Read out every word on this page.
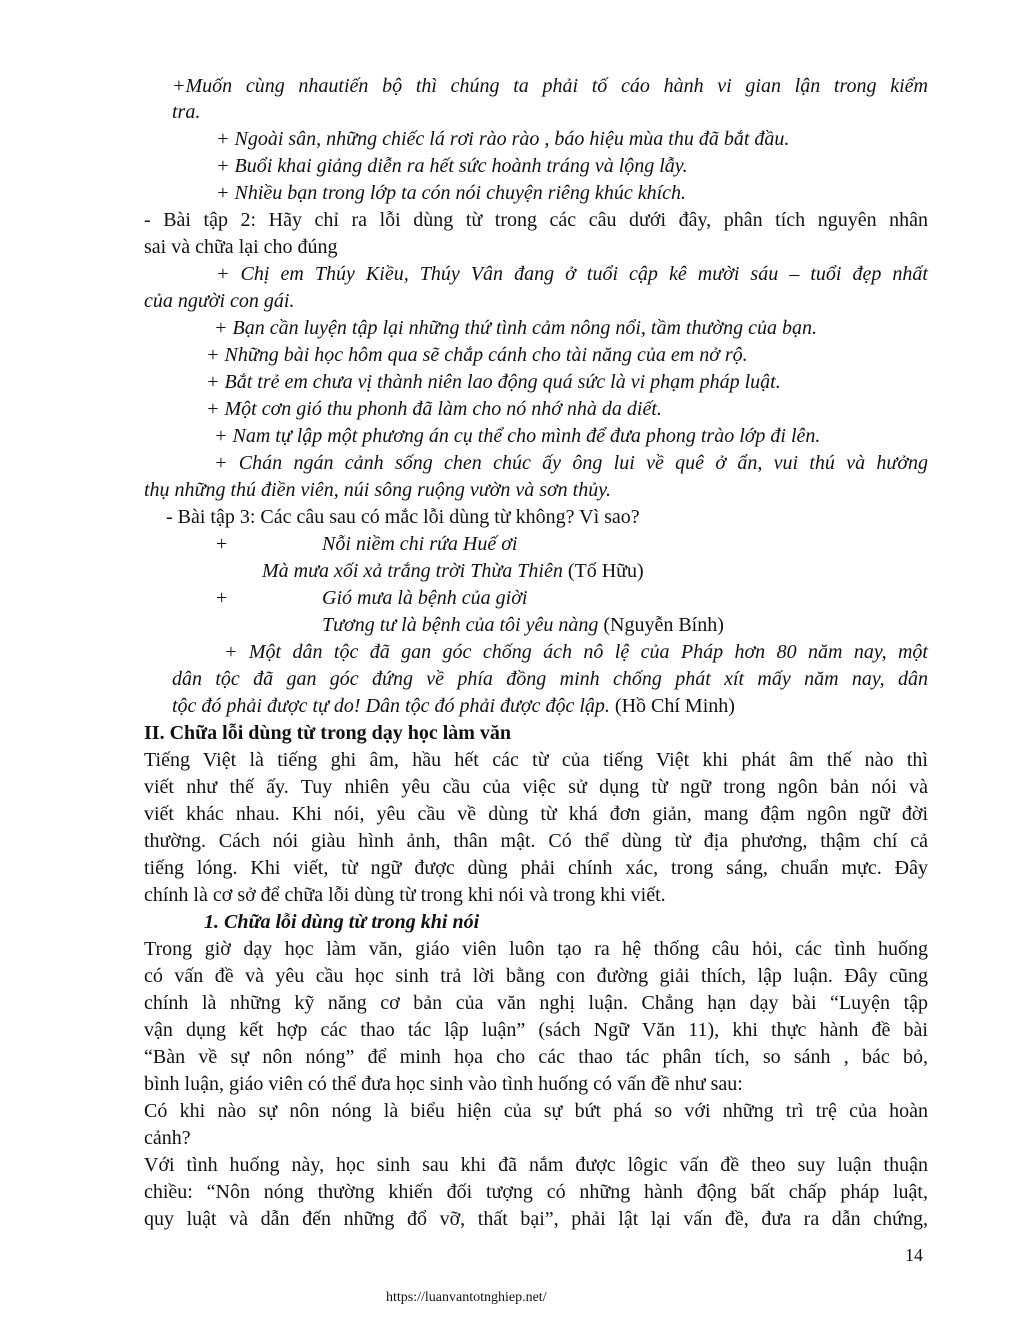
+Muốn cùng nhautiến bộ thì chúng ta phải tố cáo hành vi gian lận trong kiểm
tra.
+ Ngoài sân, những chiếc lá rơi rào rào , báo hiệu mùa thu đã bắt đầu.
+ Buổi khai giảng diễn ra hết sức hoành tráng và lộng lẫy.
+ Nhiều bạn trong lớp ta cón nói chuyện riêng khúc khích.
- Bài tập 2: Hãy chỉ ra lỗi dùng từ trong các câu dưới đây, phân tích nguyên nhân
sai và chữa lại cho đúng
+ Chị em Thúy Kiều, Thúy Vân đang ở tuổi cập kê mười sáu – tuổi đẹp nhất
của người con gái.
+ Bạn cần luyện tập lại những thứ tình cảm nông nổi, tầm thường của bạn.
+ Những bài học hôm qua sẽ chắp cánh cho tài năng của em nở rộ.
+ Bắt trẻ em chưa vị thành niên lao động quá sức là vi phạm pháp luật.
+ Một cơn gió thu phonh đã làm cho nó nhớ nhà da diết.
+ Nam tự lập một phương án cụ thể cho mình để đưa phong trào lớp đi lên.
+ Chán ngán cảnh sống chen chúc ấy ông lui về quê ở ẩn, vui thú và hưởng
thụ những thú điền viên, núi sông ruộng vườn và sơn thủy.
- Bài tập 3: Các câu sau có mắc lỗi dùng từ không? Vì sao?
+	Nỗi niềm chi rứa Huế ơi
Mà mưa xối xả trắng trời Thừa Thiên (Tố Hữu)
+	Gió mưa là bệnh của giời
Tương tư là bệnh của tôi yêu nàng (Nguyễn Bính)
+ Một dân tộc đã gan góc chống ách nô lệ của Pháp hơn 80 năm nay, một
dân tộc đã gan góc đứng về phía đồng minh chống phát xít mấy năm nay, dân
tộc đó phải được tự do! Dân tộc đó phải được độc lập. (Hồ Chí Minh)
II. Chữa lỗi dùng từ trong dạy học làm văn
Tiếng Việt là tiếng ghi âm, hầu hết các từ của tiếng Việt khi phát âm thế nào thì
viết như thế ấy. Tuy nhiên yêu cầu của việc sử dụng từ ngữ trong ngôn bản nói và
viết khác nhau. Khi nói, yêu cầu về dùng từ khá đơn giản, mang đậm ngôn ngữ đời
thường. Cách nói giàu hình ảnh, thân mật. Có thể dùng từ địa phương, thậm chí cả
tiếng lóng. Khi viết, từ ngữ được dùng phải chính xác, trong sáng, chuẩn mực. Đây
chính là cơ sở để chữa lỗi dùng từ trong khi nói và trong khi viết.
1. Chữa lỗi dùng từ trong khi nói
Trong giờ dạy học làm văn, giáo viên luôn tạo ra hệ thống câu hỏi, các tình huống
có vấn đề và yêu cầu học sinh trả lời bằng con đường giải thích, lập luận. Đây cũng
chính là những kỹ năng cơ bản của văn nghị luận. Chẳng hạn dạy bài “Luyện tập
vận dụng kết hợp các thao tác lập luận” (sách Ngữ Văn 11), khi thực hành đề bài
“Bàn về sự nôn nóng” để minh họa cho các thao tác phân tích, so sánh , bác bỏ,
bình luận, giáo viên có thể đưa học sinh vào tình huống có vấn đề như sau:
Có khi nào sự nôn nóng là biểu hiện của sự bứt phá so với những trì trệ của hoàn
cảnh?
Với tình huống này, học sinh sau khi đã nắm được lôgic vấn đề theo suy luận thuận
chiều: “Nôn nóng thường khiến đối tượng có những hành động bất chấp pháp luật,
quy luật và dẫn đến những đổ vỡ, thất bại”, phải lật lại vấn đề, đưa ra dẫn chứng,
14
https://luanvantotnghiep.net/
